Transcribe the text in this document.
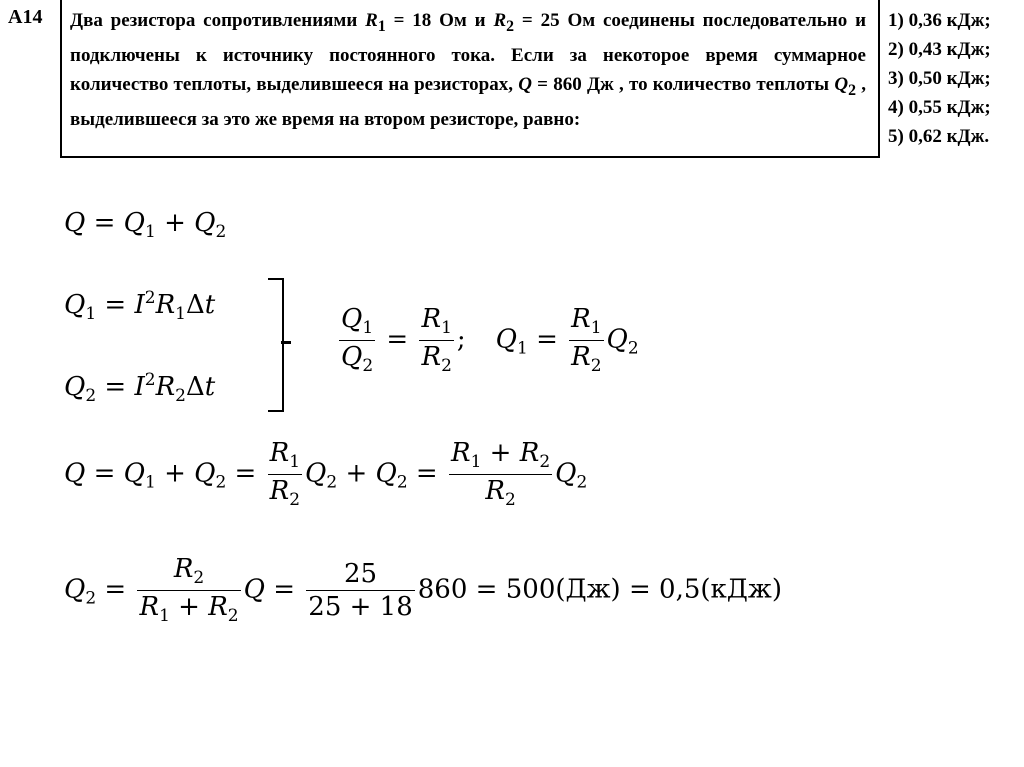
A14 Два резистора сопротивлениями $R_1 = 18$ Ом и $R_2 = 25$ Ом соединены последовательно и подключены к источнику постоянного тока. Если за некоторое время суммарное количество теплоты, выделившееся на резисторах, Q = 860 Дж , то количество теплоты $Q_2$ , выделившееся за это же время на втором резисторе, равно:
1) 0,36 кДж;
2) 0,43 кДж;
3) 0,50 кДж;
4) 0,55 кДж;
5) 0,62 кДж.
$Q = Q_1 + Q_2$
$Q_1 = I^2R_1\Delta t$
$Q_2 = I^2R_2\Delta t$
$\frac{Q_1}{Q_2} = \frac{R_1}{R_2}$ ; $Q_1 = \frac{R_1}{R_2} Q_2$
$Q = Q_1 + Q_2 = \frac{R_1}{R_2} Q_2 + Q_2 = \frac{R_1 + R_2}{R_2} Q_2$
$Q_2 = \frac{R_2}{R_1 + R_2}$ $Q = \frac{25}{25 + 18} 860 = 500(Дж) = 0,5(кДж)$
